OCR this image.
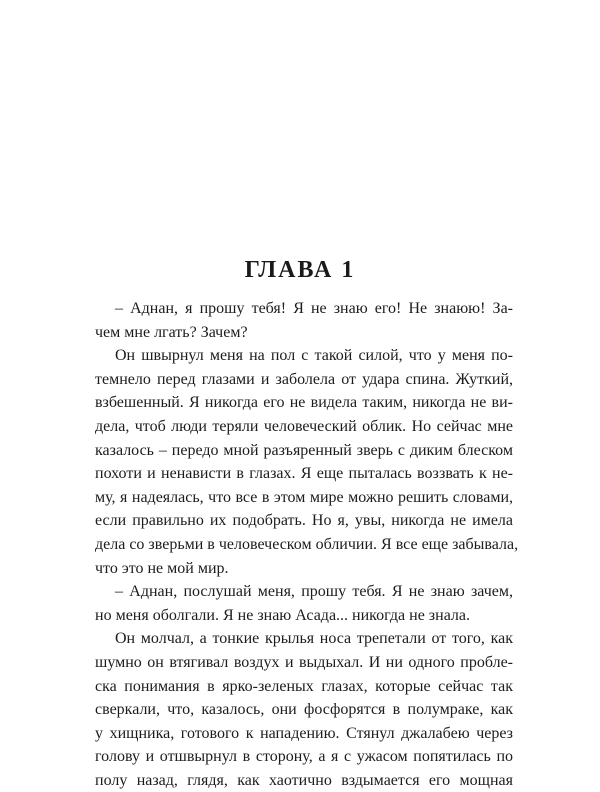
ГЛАВА 1
– Аднан, я прошу тебя! Я не знаю его! Не знаюю! За-
чем мне лгать? Зачем?
Он швырнул меня на пол с такой силой, что у меня по-
темнело перед глазами и заболела от удара спина. Жуткий,
взбешенный. Я никогда его не видела таким, никогда не ви-
дела, чтоб люди теряли человеческий облик. Но сейчас мне
казалось – передо мной разъяренный зверь с диким блеском
похоти и ненависти в глазах. Я еще пыталась воззвать к не-
му, я надеялась, что все в этом мире можно решить словами,
если правильно их подобрать. Но я, увы, никогда не имела
дела со зверьми в человеческом обличии. Я все еще забывала,
что это не мой мир.
– Аднан, послушай меня, прошу тебя. Я не знаю зачем,
но меня оболгали. Я не знаю Асада... никогда не знала.
Он молчал, а тонкие крылья носа трепетали от того, как
шумно он втягивал воздух и выдыхал. И ни одного пробле-
ска понимания в ярко-зеленых глазах, которые сейчас так
сверкали, что, казалось, они фосфорятся в полумраке, как
у хищника, готового к нападению. Стянул джалабею через
голову и отшвырнул в сторону, а я с ужасом попятилась по
полу назад, глядя, как хаотично вздымается его мощная
